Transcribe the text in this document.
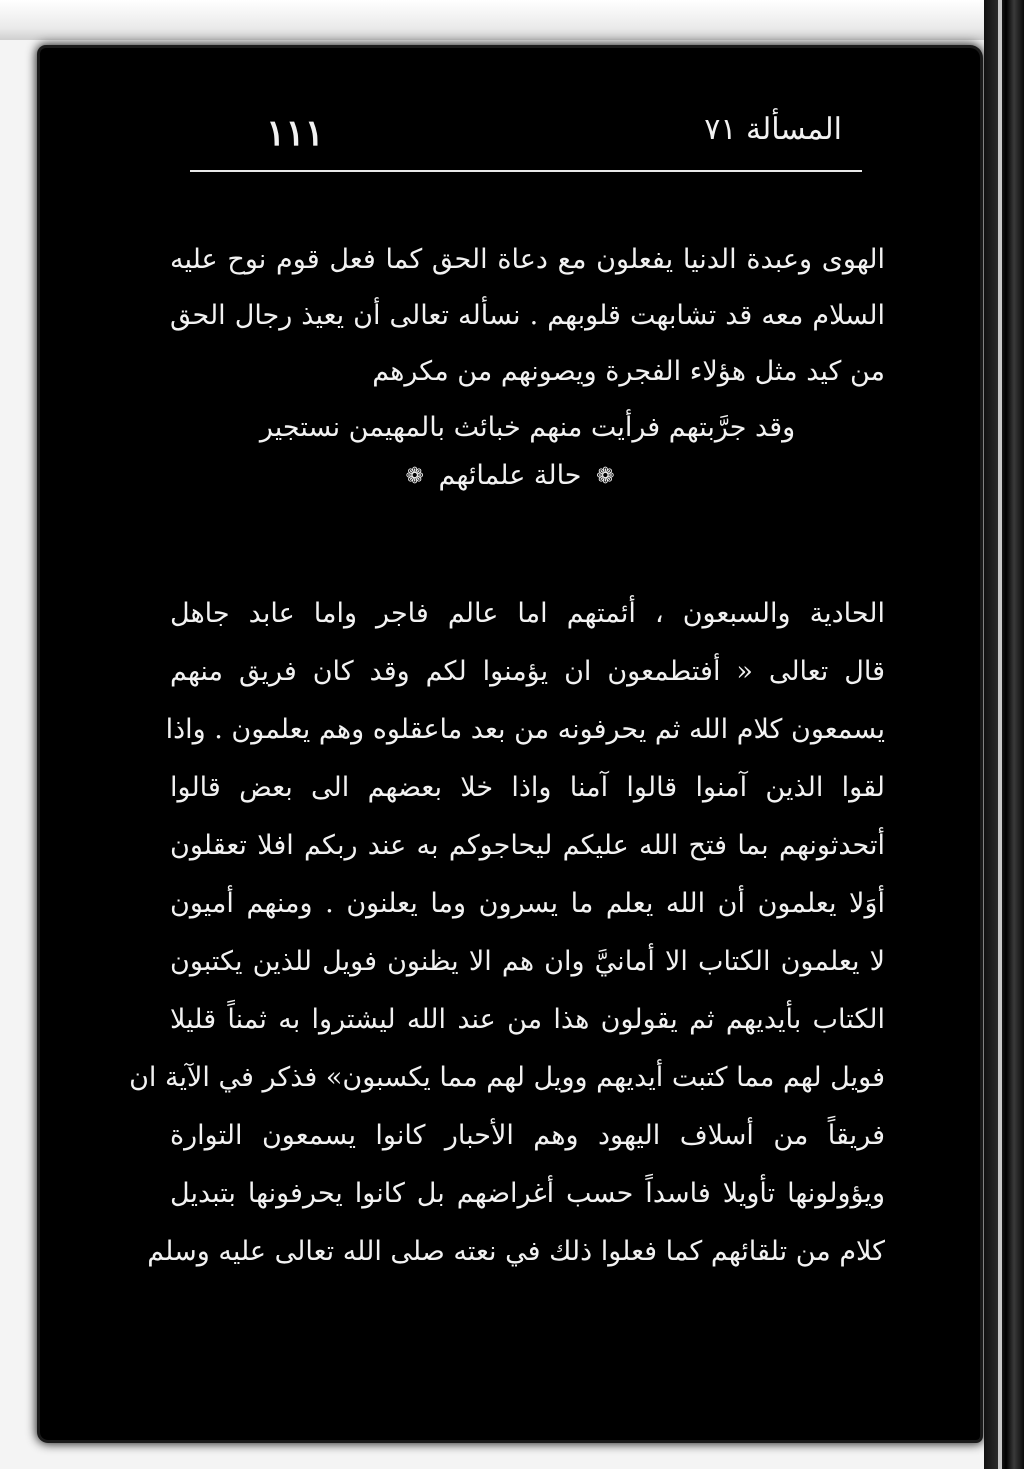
١١١	المسألة ٧١
الهوى وعبدة الدنيا يفعلون مع دعاة الحق كما فعل قوم نوح عليه
السلام معه قد تشابهت قلوبهم . نسأله تعالى أن يعيذ رجال الحق
من كيد مثل هؤلاء الفجرة ويصونهم من مكرهم
وقد جرَّبتهم فرأيت منهم خبائث بالمهيمن نستجير
❁ حالة علمائهم ❁
الحادية والسبعون ، أئمتهم اما عالم فاجر واما عابد جاهل
قال تعالى « أفتطمعون ان يؤمنوا لكم وقد كان فريق منهم
يسمعون كلام الله ثم يحرفونه من بعد ماعقلوه وهم يعلمون . واذا
لقوا الذين آمنوا قالوا آمنا واذا خلا بعضهم الى بعض قالوا
أتحدثونهم بما فتح الله عليكم ليحاجوكم به عند ربكم افلا تعقلون
أوَلا يعلمون أن الله يعلم ما يسرون وما يعلنون . ومنهم أميون
لا يعلمون الكتاب الا أمانيَّ وان هم الا يظنون فويل للذين يكتبون
الكتاب بأيديهم ثم يقولون هذا من عند الله ليشتروا به ثمناً قليلا
فويل لهم مما كتبت أيديهم وويل لهم مما يكسبون» فذكر في الآية ان
فريقاً من أسلاف اليهود وهم الأحبار كانوا يسمعون التوارة
ويؤولونها تأويلا فاسداً حسب أغراضهم بل كانوا يحرفونها بتبديل
كلام من تلقائهم كما فعلوا ذلك في نعته صلى الله تعالى عليه وسلم
